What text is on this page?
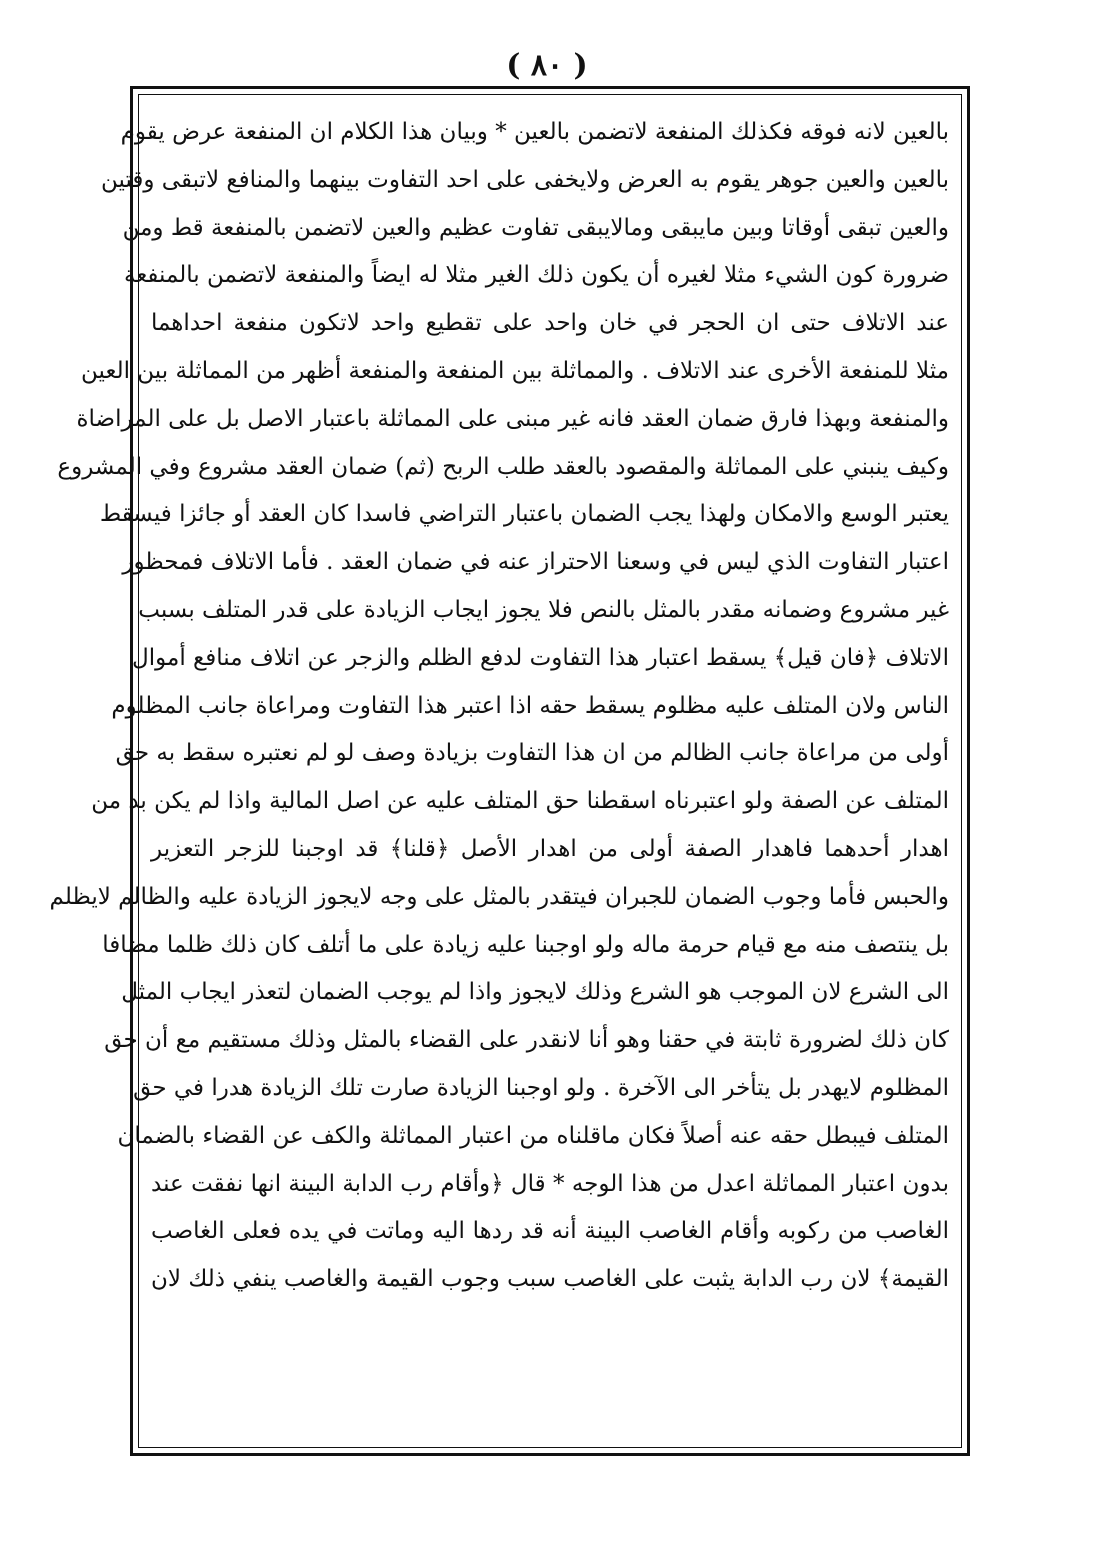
( ٨٠ )
بالعين لانه فوقه فكذلك المنفعة لاتضمن بالعين * وبيان هذا الكلام ان المنفعة عرض يقوم
بالعين والعين جوهر يقوم به العرض ولايخفى على احد التفاوت بينهما والمنافع لاتبقى وقتين
والعين تبقى أوقاتا وبين مايبقى ومالايبقى تفاوت عظيم والعين لاتضمن بالمنفعة قط ومن
ضرورة كون الشيء مثلا لغيره أن يكون ذلك الغير مثلا له ايضاً والمنفعة لاتضمن بالمنفعة
عند الاتلاف حتى ان الحجر في خان واحد على تقطيع واحد لاتكون منفعة احداهما
مثلا للمنفعة الأخرى عند الاتلاف . والمماثلة بين المنفعة والمنفعة أظهر من المماثلة بين العين
والمنفعة وبهذا فارق ضمان العقد فانه غير مبنى على المماثلة باعتبار الاصل بل على المراضاة
وكيف ينبني على المماثلة والمقصود بالعقد طلب الربح (ثم) ضمان العقد مشروع وفي المشروع
يعتبر الوسع والامكان ولهذا يجب الضمان باعتبار التراضي فاسدا كان العقد أو جائزا فيسقط
اعتبار التفاوت الذي ليس في وسعنا الاحتراز عنه في ضمان العقد . فأما الاتلاف فمحظور
غير مشروع وضمانه مقدر بالمثل بالنص فلا يجوز ايجاب الزيادة على قدر المتلف بسبب
الاتلاف ﴿فان قيل﴾ يسقط اعتبار هذا التفاوت لدفع الظلم والزجر عن اتلاف منافع أموال
الناس ولان المتلف عليه مظلوم يسقط حقه اذا اعتبر هذا التفاوت ومراعاة جانب المظلوم
أولى من مراعاة جانب الظالم من ان هذا التفاوت بزيادة وصف لو لم نعتبره سقط به حق
المتلف عن الصفة ولو اعتبرناه اسقطنا حق المتلف عليه عن اصل المالية واذا لم يكن بد من
اهدار أحدهما فاهدار الصفة أولى من اهدار الأصل ﴿قلنا﴾ قد اوجبنا للزجر التعزير
والحبس فأما وجوب الضمان للجبران فيتقدر بالمثل على وجه لايجوز الزيادة عليه والظالم لايظلم
بل ينتصف منه مع قيام حرمة ماله ولو اوجبنا عليه زيادة على ما أتلف كان ذلك ظلما مضافا
الى الشرع لان الموجب هو الشرع وذلك لايجوز واذا لم يوجب الضمان لتعذر ايجاب المثل
كان ذلك لضرورة ثابتة في حقنا وهو أنا لانقدر على القضاء بالمثل وذلك مستقيم مع أن حق
المظلوم لايهدر بل يتأخر الى الآخرة . ولو اوجبنا الزيادة صارت تلك الزيادة هدرا في حق
المتلف فيبطل حقه عنه أصلاً فكان ماقلناه من اعتبار المماثلة والكف عن القضاء بالضمان
بدون اعتبار المماثلة اعدل من هذا الوجه * قال ﴿وأقام رب الدابة البينة انها نفقت عند
الغاصب من ركوبه وأقام الغاصب البينة أنه قد ردها اليه وماتت في يده فعلى الغاصب
القيمة﴾ لان رب الدابة يثبت على الغاصب سبب وجوب القيمة والغاصب ينفي ذلك لان
